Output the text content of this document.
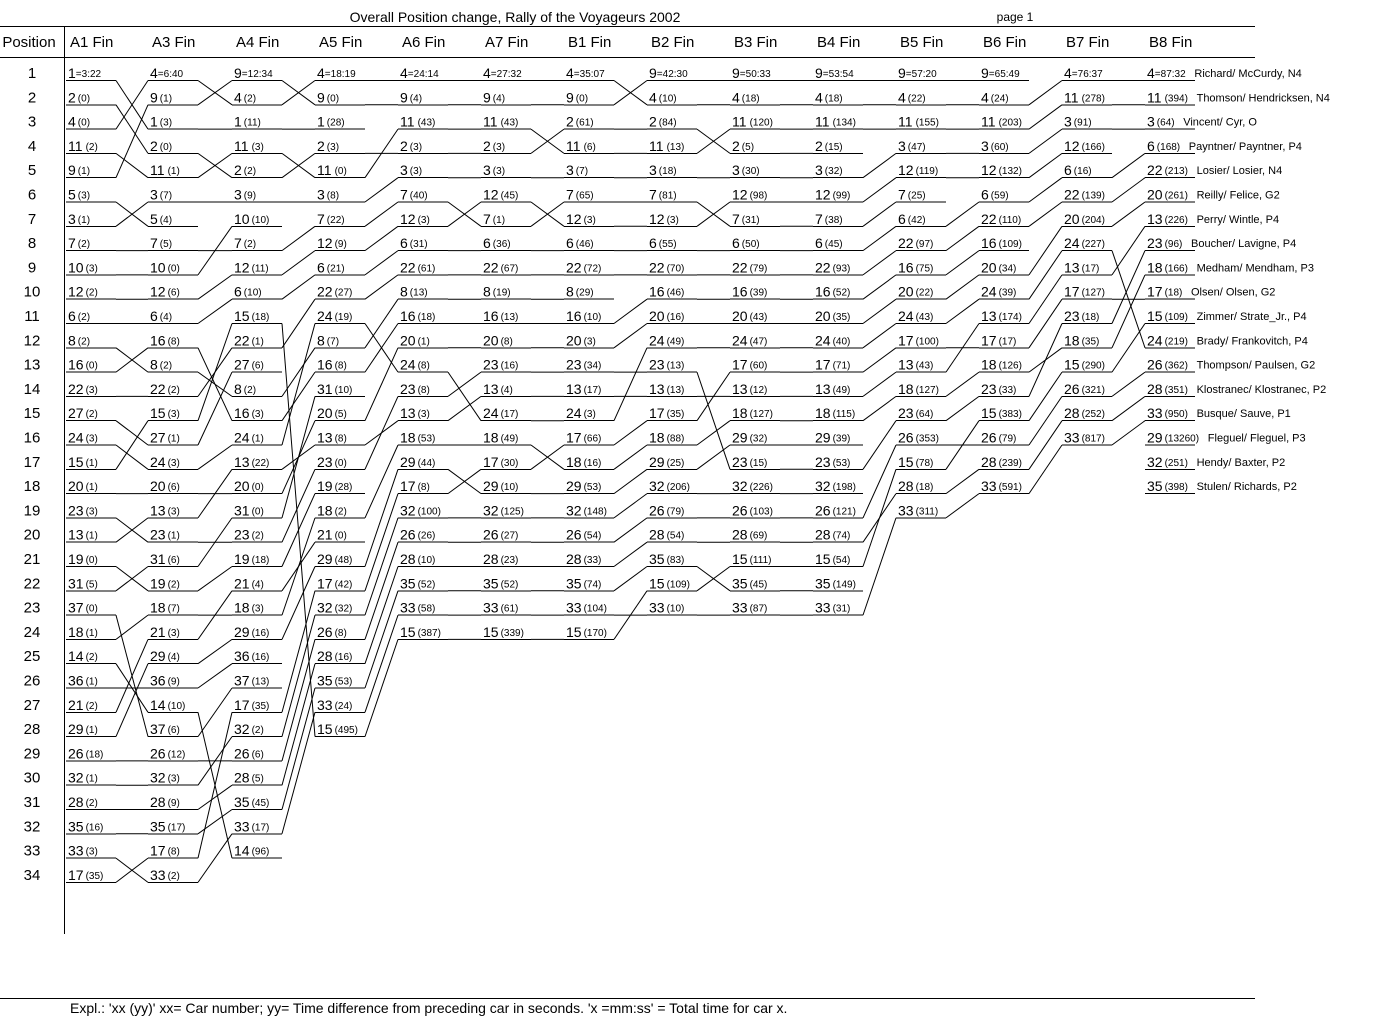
Overall Position change, Rally of the Voyageurs 2002	page 1
Position
Expl.: 'xx (yy)' xx= Car number; yy= Time difference from preceding car in seconds. 'x =mm:ss' = Total time for car x.
1
2
3
4
5
6
7
8
9
10
11
12
13
14
15
16
17
18
19
20
21
22
23
24
25
26
27
28
29
30
31
32
33
34
A1 Fin
1 =3:22
2 (0)
4 (0)
11 (2)
9 (1)
5 (3)
3 (1)
7 (2)
10 (3)
12 (2)
6 (2)
8 (2)
16 (0)
22 (3)
27 (2)
24 (3)
15 (1)
20 (1)
23 (3)
13 (1)
19 (0)
31 (5)
37 (0)
18 (1)
14 (2)
36 (1)
21 (2)
29 (1)
26 (18)
32 (1)
28 (2)
35 (16)
33 (3)
17 (35)
A3 Fin
4 =6:40
9 (1)
1 (3)
2 (0)
11 (1)
3 (7)
5 (4)
7 (5)
10 (0)
12 (6)
6 (4)
16 (8)
8 (2)
22 (2)
15 (3)
27 (1)
24 (3)
20 (6)
13 (3)
23 (1)
31 (6)
19 (2)
18 (7)
21 (3)
29 (4)
36 (9)
14 (10)
37 (6)
26 (12)
32 (3)
28 (9)
35 (17)
17 (8)
33 (2)
A4 Fin
9 =12:34
4 (2)
1 (11)
11 (3)
2 (2)
3 (9)
10 (10)
7 (2)
12 (11)
6 (10)
15 (18)
22 (1)
27 (6)
8 (2)
16 (3)
24 (1)
13 (22)
20 (0)
31 (0)
23 (2)
19 (18)
21 (4)
18 (3)
29 (16)
36 (16)
37 (13)
17 (35)
32 (2)
26 (6)
28 (5)
35 (45)
33 (17)
14 (96)
A5 Fin
4 =18:19
9 (0)
1 (28)
2 (3)
11 (0)
3 (8)
7 (22)
12 (9)
6 (21)
22 (27)
24 (19)
8 (7)
16 (8)
31 (10)
20 (5)
13 (8)
23 (0)
19 (28)
18 (2)
21 (0)
29 (48)
17 (42)
32 (32)
26 (8)
28 (16)
35 (53)
33 (24)
15 (495)
A6 Fin
4 =24:14
9 (4)
11 (43)
2 (3)
3 (3)
7 (40)
12 (3)
6 (31)
22 (61)
8 (13)
16 (18)
20 (1)
24 (8)
23 (8)
13 (3)
18 (53)
29 (44)
17 (8)
32 (100)
26 (26)
28 (10)
35 (52)
33 (58)
15 (387)
A7 Fin
4 =27:32
9 (4)
11 (43)
2 (3)
3 (3)
12 (45)
7 (1)
6 (36)
22 (67)
8 (19)
16 (13)
20 (8)
23 (16)
13 (4)
24 (17)
18 (49)
17 (30)
29 (10)
32 (125)
26 (27)
28 (23)
35 (52)
33 (61)
15 (339)
B1 Fin
4 =35:07
9 (0)
2 (61)
11 (6)
3 (7)
7 (65)
12 (3)
6 (46)
22 (72)
8 (29)
16 (10)
20 (3)
23 (34)
13 (17)
24 (3)
17 (66)
18 (16)
29 (53)
32 (148)
26 (54)
28 (33)
35 (74)
33 (104)
15 (170)
B2 Fin
9 =42:30
4 (10)
2 (84)
11 (13)
3 (18)
7 (81)
12 (3)
6 (55)
22 (70)
16 (46)
20 (16)
24 (49)
23 (13)
13 (13)
17 (35)
18 (88)
29 (25)
32 (206)
26 (79)
28 (54)
35 (83)
15 (109)
33 (10)
B3 Fin
9 =50:33
4 (18)
11 (120)
2 (5)
3 (30)
12 (98)
7 (31)
6 (50)
22 (79)
16 (39)
20 (43)
24 (47)
17 (60)
13 (12)
18 (127)
29 (32)
23 (15)
32 (226)
26 (103)
28 (69)
15 (111)
35 (45)
33 (87)
B4 Fin
9 =53:54
4 (18)
11 (134)
2 (15)
3 (32)
12 (99)
7 (38)
6 (45)
22 (93)
16 (52)
20 (35)
24 (40)
17 (71)
13 (49)
18 (115)
29 (39)
23 (53)
32 (198)
26 (121)
28 (74)
15 (54)
35 (149)
33 (31)
B5 Fin
9 =57:20
4 (22)
11 (155)
3 (47)
12 (119)
7 (25)
6 (42)
22 (97)
16 (75)
20 (22)
24 (43)
17 (100)
13 (43)
18 (127)
23 (64)
26 (353)
15 (78)
28 (18)
33 (311)
B6 Fin
9 =65:49
4 (24)
11 (203)
3 (60)
12 (132)
6 (59)
22 (110)
16 (109)
20 (34)
24 (39)
13 (174)
17 (17)
18 (126)
23 (33)
15 (383)
26 (79)
28 (239)
33 (591)
B7 Fin
4 =76:37
11 (278)
3 (91)
12 (166)
6 (16)
22 (139)
20 (204)
24 (227)
13 (17)
17 (127)
23 (18)
18 (35)
15 (290)
26 (321)
28 (252)
33 (817)
B8 Fin
4 =87:32 Richard/ McCurdy, N4
11 (394) Thomson/ Hendricksen, N4
3 (64) Vincent/ Cyr, O
6 (168) Payntner/ Payntner, P4
22 (213) Losier/ Losier, N4
20 (261) Reilly/ Felice, G2
13 (226) Perry/ Wintle, P4
23 (96) Boucher/ Lavigne, P4
18 (166) Medham/ Mendham, P3
17 (18) Olsen/ Olsen, G2
15 (109) Zimmer/ Strate_Jr., P4
24 (219) Brady/ Frankovitch, P4
26 (362) Thompson/ Paulsen, G2
28 (351) Klostranec/ Klostranec, P2
33 (950) Busque/ Sauve, P1
29 (13260) Fleguel/ Fleguel, P3
32 (251) Hendy/ Baxter, P2
35 (398) Stulen/ Richards, P2
